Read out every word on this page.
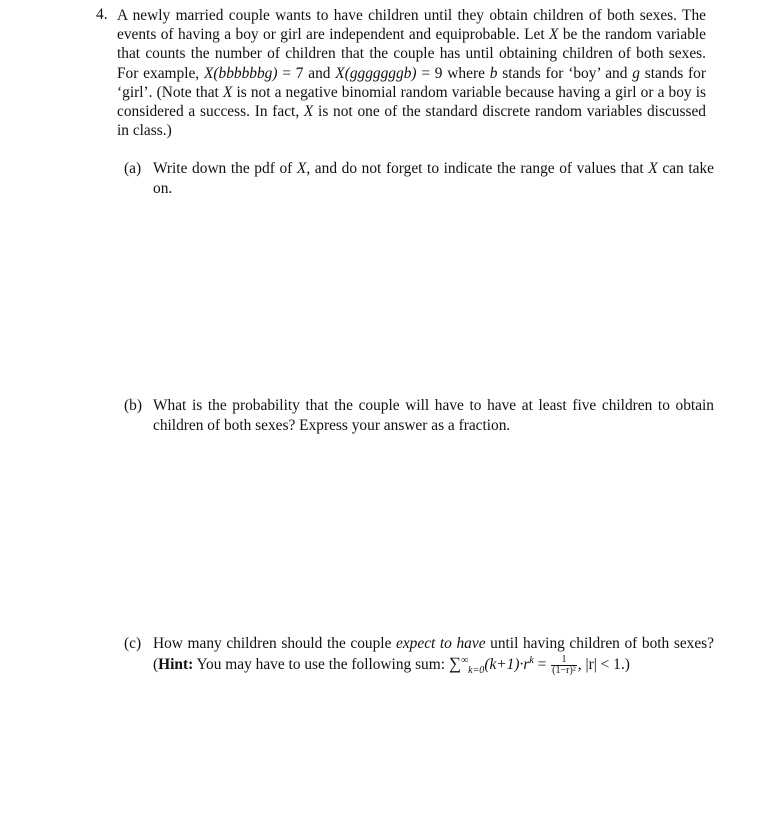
4. A newly married couple wants to have children until they obtain children of both sexes. The events of having a boy or girl are independent and equiprobable. Let X be the random variable that counts the number of children that the couple has until obtaining children of both sexes. For example, X(bbbbbbg) = 7 and X(gggggggb) = 9 where b stands for ‘boy’ and g stands for ‘girl’. (Note that X is not a negative binomial random variable because having a girl or a boy is considered a success. In fact, X is not one of the standard discrete random variables discussed in class.)
(a) Write down the pdf of X, and do not forget to indicate the range of values that X can take on.
(b) What is the probability that the couple will have to have at least five children to obtain children of both sexes? Express your answer as a fraction.
(c) How many children should the couple expect to have until having children of both sexes? (Hint: You may have to use the following sum: $\sum^\infty_{k=0}(k+1)\cdot r^k = \frac{1}{\text{(1−r)²}}$ , |r| < 1.)
